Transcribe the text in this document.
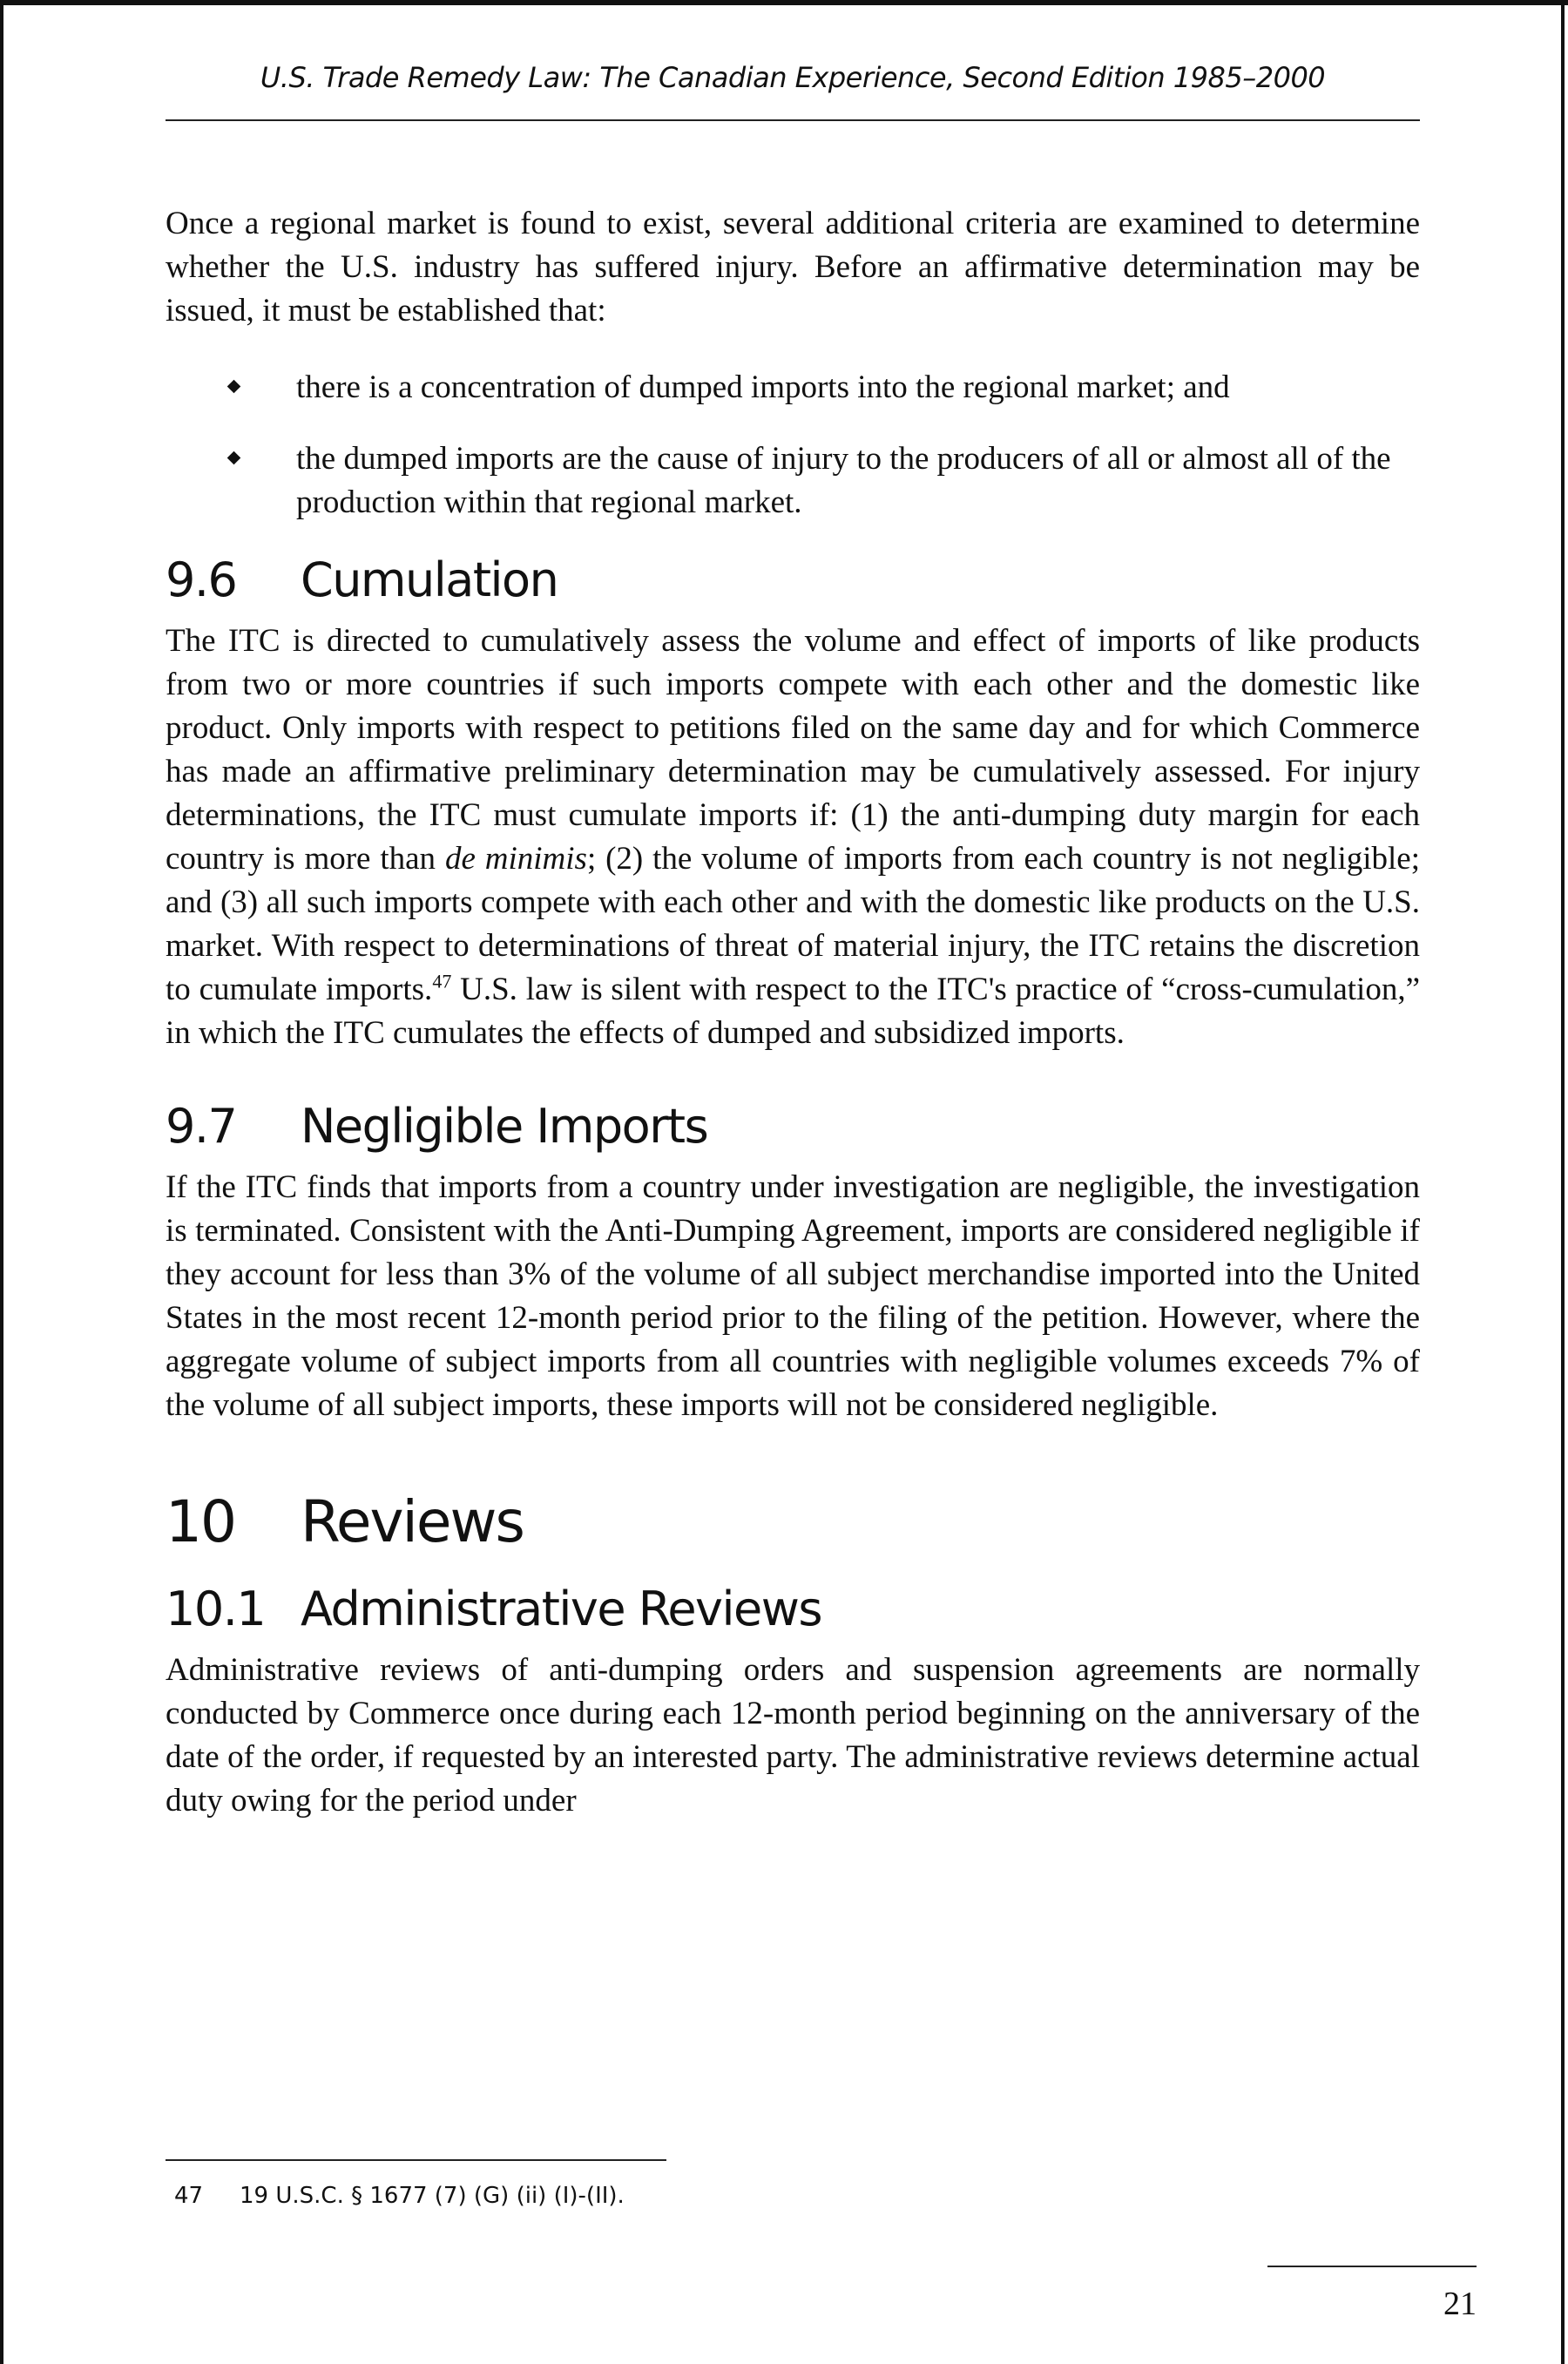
U.S. Trade Remedy Law: The Canadian Experience, Second Edition 1985–2000

Once a regional market is found to exist, several additional criteria are examined to determine whether the U.S. industry has suffered injury. Before an affirmative determination may be issued, it must be established that:

there is a concentration of dumped imports into the regional market; and
the dumped imports are the cause of injury to the producers of all or almost all of the production within that regional market.
9.6	Cumulation

The ITC is directed to cumulatively assess the volume and effect of imports of like products from two or more countries if such imports compete with each other and the domestic like product. Only imports with respect to petitions filed on the same day and for which Commerce has made an affirmative preliminary determination may be cumulatively assessed. For injury determinations, the ITC must cumulate imports if: (1) the anti-dumping duty margin for each country is more than de minimis; (2) the volume of imports from each country is not negligible; and (3) all such imports compete with each other and with the domestic like products on the U.S. market. With respect to determinations of threat of material injury, the ITC retains the discretion to cumulate imports.$^{47}$ U.S. law is silent with respect to the ITC's practice of “cross-cumulation,” in which the ITC cumulates the effects of dumped and subsidized imports.

9.7	Negligible Imports

If the ITC finds that imports from a country under investigation are negligible, the investigation is terminated. Consistent with the Anti-Dumping Agreement, imports are considered negligible if they account for less than 3% of the volume of all subject merchandise imported into the United States in the most recent 12-month period prior to the filing of the petition. However, where the aggregate volume of subject imports from all countries with negligible volumes exceeds 7% of the volume of all subject imports, these imports will not be considered negligible.

10	Reviews
10.1 Administrative Reviews

Administrative reviews of anti-dumping orders and suspension agreements are normally conducted by Commerce once during each 12-month period beginning on the anniversary of the date of the order, if requested by an interested party. The administrative reviews determine actual duty owing for the period under

47	19 U.S.C. § 1677 (7) (G) (ii) (I)-(II).
21
